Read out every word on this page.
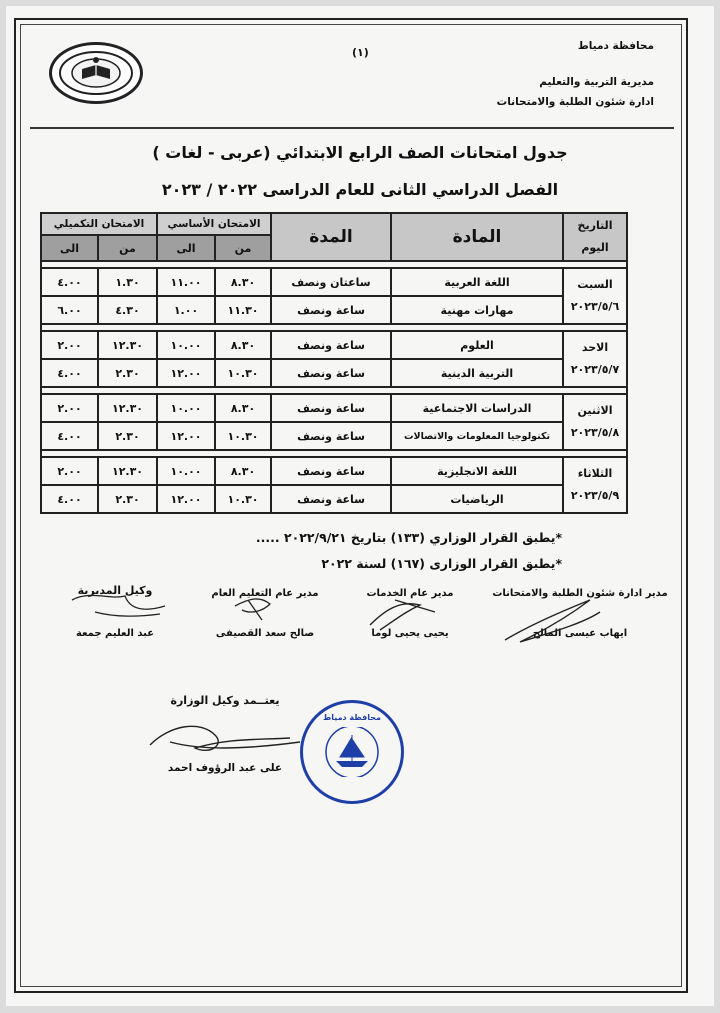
(١)	محافظة دمياط
مديرية التربية والتعليم
ادارة شئون الطلبة والامتحانات
جدول امتحانات الصف الرابع الابتدائي (عربى - لغات )
الفصل الدراسي الثانى للعام الدراسى ٢٠٢٢ / ٢٠٢٣
التاريخ
اليوم	المادة	المدة	الامتحان الأساسي		الامتحان التكميلي	
			من	الى	من	الى

السبت
٢٠٢٣/٥/٦	اللغة العربية	ساعتان ونصف	٨.٣٠	١١.٠٠	١.٣٠	٤.٠٠
	مهارات مهنية	ساعة ونصف	١١.٣٠	١.٠٠	٤.٣٠	٦.٠٠

الاحد
٢٠٢٣/٥/٧	العلوم	ساعة ونصف	٨.٣٠	١٠.٠٠	١٢.٣٠	٢.٠٠
	التربية الدينية	ساعة ونصف	١٠.٣٠	١٢.٠٠	٢.٣٠	٤.٠٠

الاثنين
٢٠٢٣/٥/٨	الدراسات الاجتماعية	ساعة ونصف	٨.٣٠	١٠.٠٠	١٢.٣٠	٢.٠٠
	تكنولوجيا المعلومات والاتصالات	ساعة ونصف	١٠.٣٠	١٢.٠٠	٢.٣٠	٤.٠٠

الثلاثاء
٢٠٢٣/٥/٩	اللغة الانجليزية	ساعة ونصف	٨.٣٠	١٠.٠٠	١٢.٣٠	٢.٠٠
	الرياضيات	ساعة ونصف	١٠.٣٠	١٢.٠٠	٢.٣٠	٤.٠٠
*يطبق القرار الوزاري (١٣٣) بتاريخ ٢٠٢٢/٩/٢١ .....
*يطبق القرار الوزارى (١٦٧) لسنة ٢٠٢٢
مدير ادارة شئون الطلبة والامتحانات
ايهاب عيسى المالح
مدير عام الخدمات
يحيى يحيى لوما
مدير عام التعليم العام
صالح سعد القصيفى
وكيل المديرية
عبد العليم جمعة
يعتــمد وكيل الوزارة
على عبد الرؤوف احمد
محافظة دمياط
